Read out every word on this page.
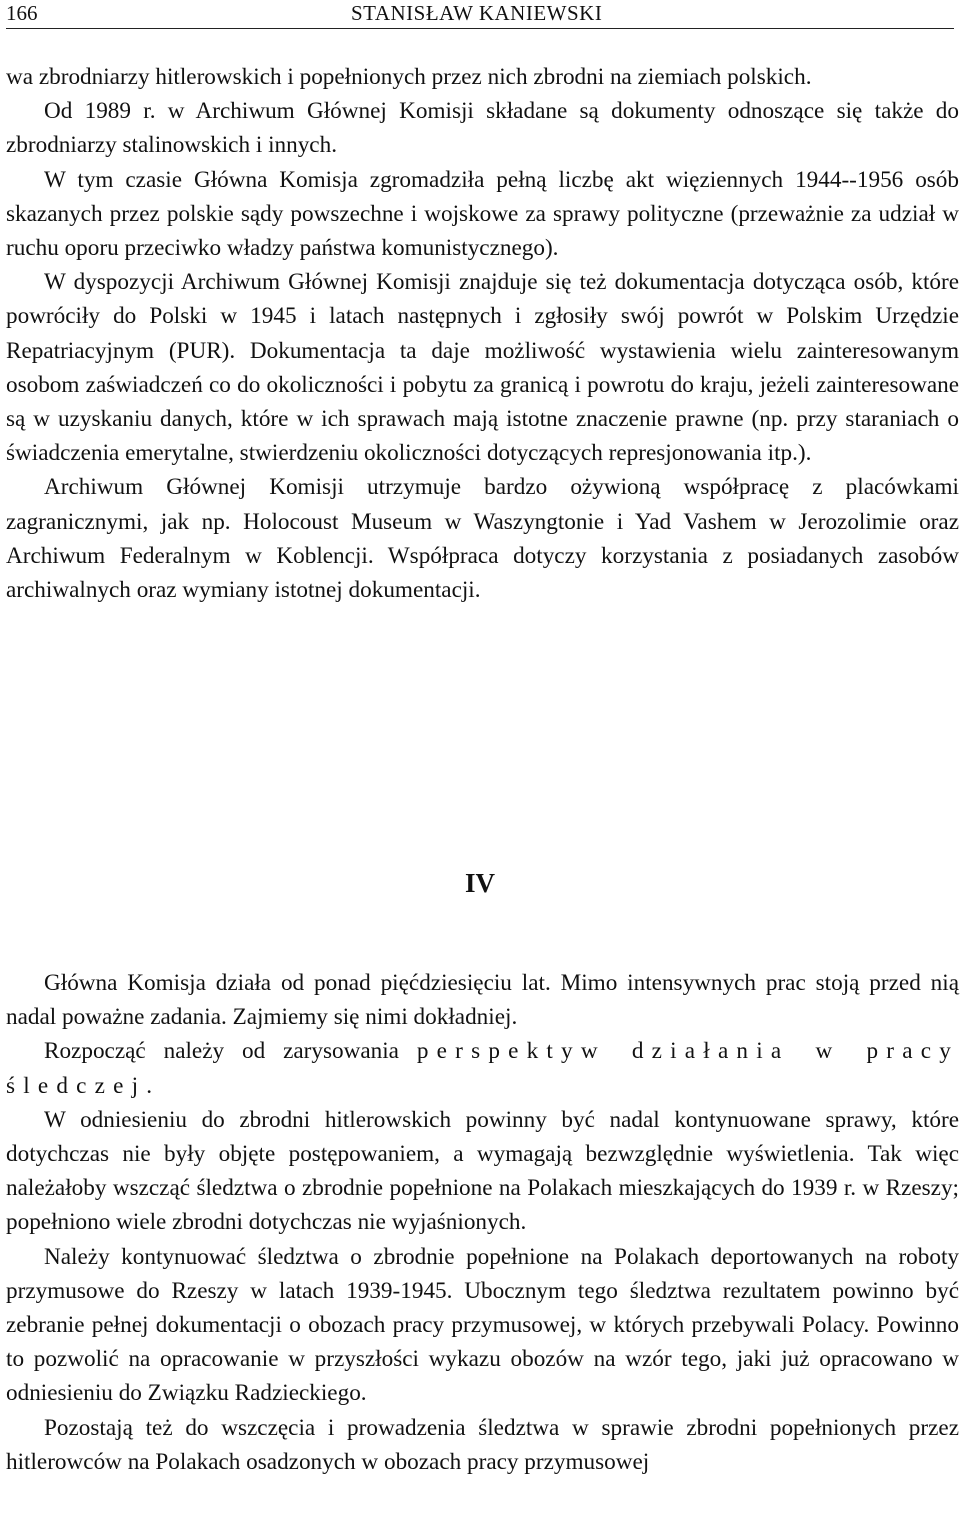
166	STANISŁAW KANIEWSKI

wa zbrodniarzy hitlerowskich i popełnionych przez nich zbrodni na ziemiach polskich.

Od 1989 r. w Archiwum Głównej Komisji składane są dokumenty odnoszące się także do zbrodniarzy stalinowskich i innych.

W tym czasie Główna Komisja zgromadziła pełną liczbę akt więziennych 1944-​-1956 osób skazanych przez polskie sądy powszechne i wojskowe za sprawy polityczne (przeważnie za udział w ruchu oporu przeciwko władzy państwa komunistycznego).

W dyspozycji Archiwum Głównej Komisji znajduje się też dokumentacja dotycząca osób, które powróciły do Polski w 1945 i latach następnych i zgłosiły swój powrót w Polskim Urzędzie Repatriacyjnym (PUR). Dokumentacja ta daje możliwość wystawienia wielu zainteresowanym osobom zaświadczeń co do okoliczności i pobytu za granicą i powrotu do kraju, jeżeli zainteresowane są w uzyskaniu danych, które w ich sprawach mają istotne znaczenie prawne (np. przy staraniach o świadczenia emerytalne, stwierdzeniu okoliczności dotyczących represjonowania itp.).

Archiwum Głównej Komisji utrzymuje bardzo ożywioną współpracę z placówkami zagranicznymi, jak np. Holocoust Museum w Waszyngtonie i Yad Vashem w Jerozolimie oraz Archiwum Federalnym w Koblencji. Współpraca dotyczy korzystania z posiadanych zasobów archiwalnych oraz wymiany istotnej dokumentacji.

IV

Główna Komisja działa od ponad pięćdziesięciu lat. Mimo intensywnych prac stoją przed nią nadal poważne zadania. Zajmiemy się nimi dokładniej.

Rozpocząć należy od zarysowania perspektyw działania w pracy śledczej.

W odniesieniu do zbrodni hitlerowskich powinny być nadal kontynuowane sprawy, które dotychczas nie były objęte postępowaniem, a wymagają bezwzględnie wyświetlenia. Tak więc należałoby wszcząć śledztwa o zbrodnie popełnione na Polakach mieszkających do 1939 r. w Rzeszy; popełniono wiele zbrodni dotychczas nie wyjaśnionych.

Należy kontynuować śledztwa o zbrodnie popełnione na Polakach deportowanych na roboty przymusowe do Rzeszy w latach 1939-1945. Ubocznym tego śledztwa rezultatem powinno być zebranie pełnej dokumentacji o obozach pracy przymusowej, w których przebywali Polacy. Powinno to pozwolić na opracowanie w przyszłości wykazu obozów na wzór tego, jaki już opracowano w odniesieniu do Związku Radzieckiego.

Pozostają też do wszczęcia i prowadzenia śledztwa w sprawie zbrodni popełnionych przez hitlerowców na Polakach osadzonych w obozach pracy przymusowej
